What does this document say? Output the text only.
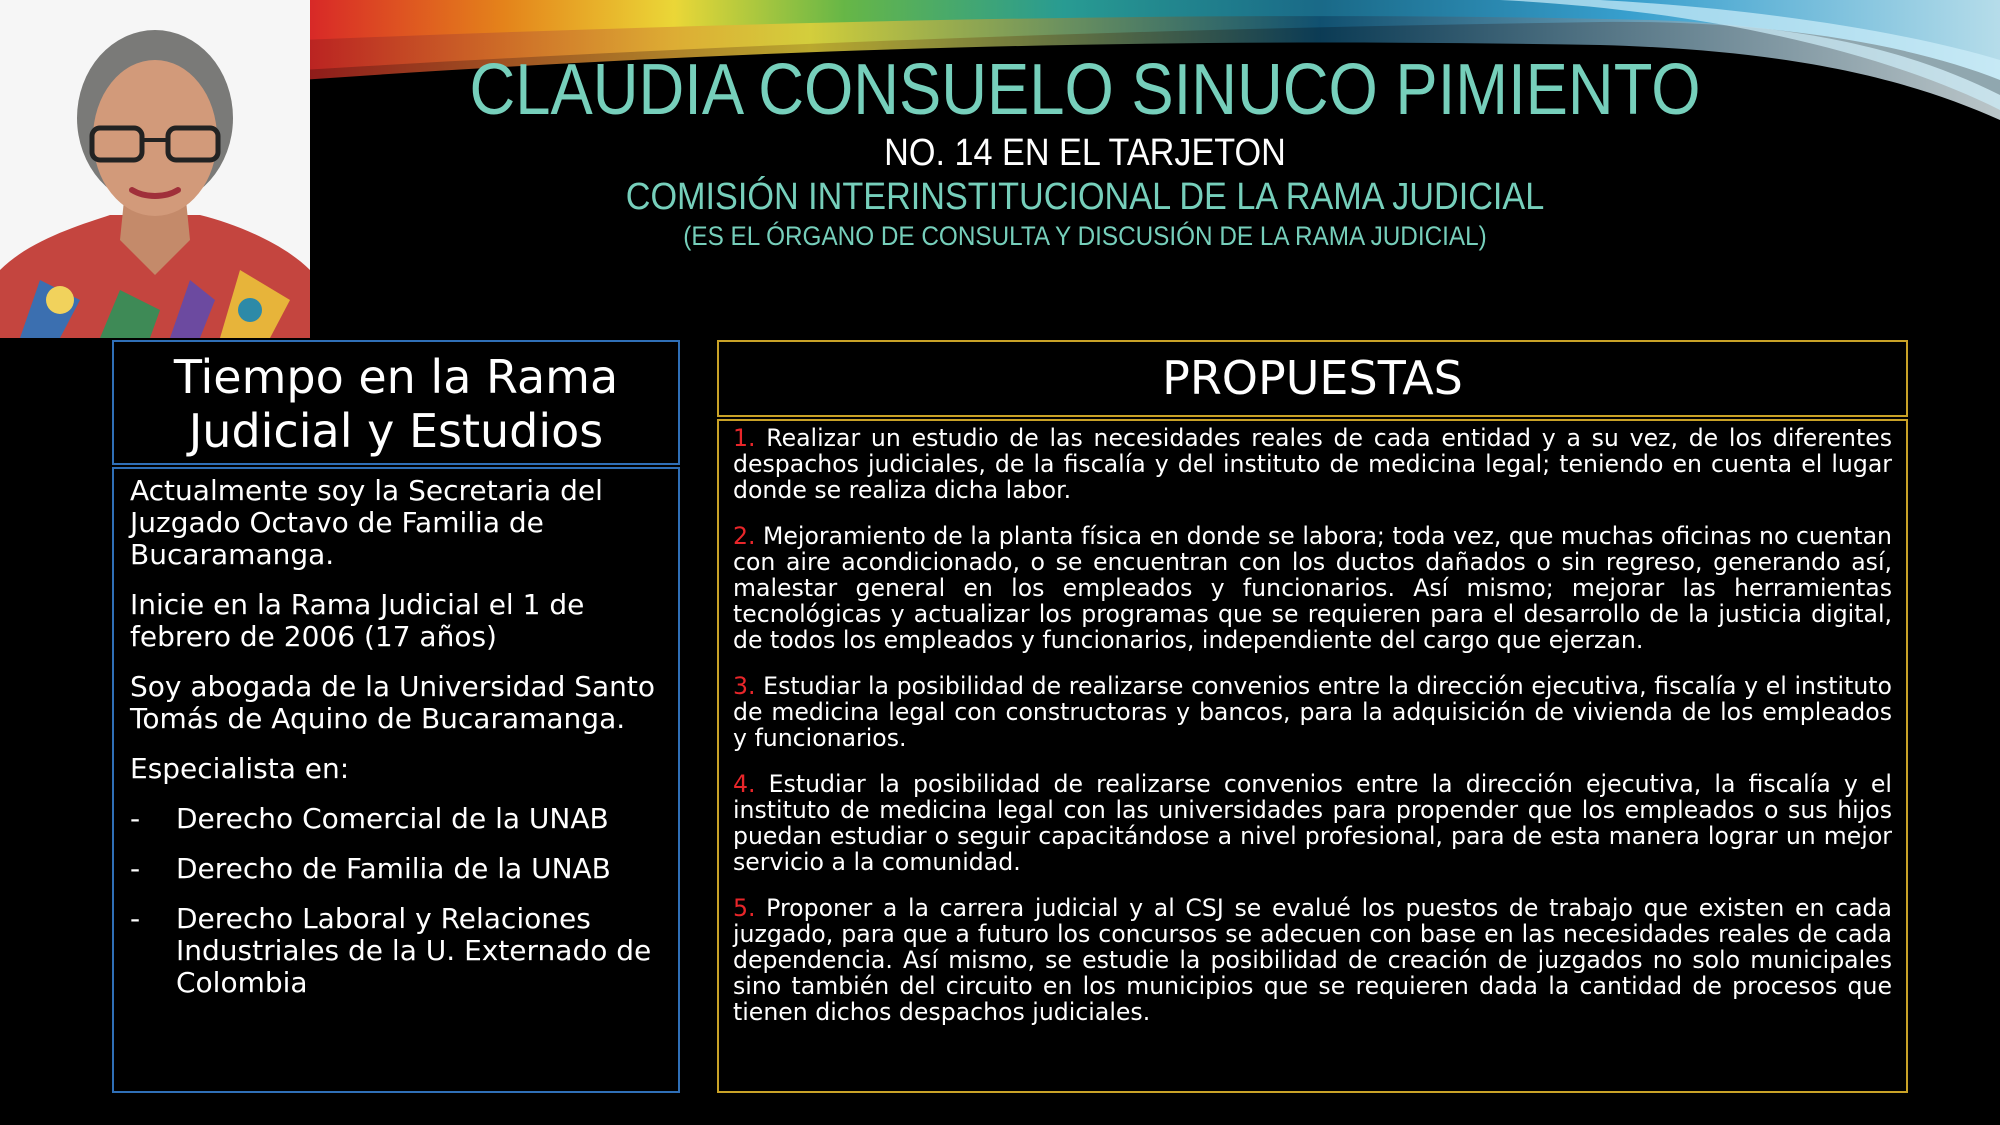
CLAUDIA CONSUELO SINUCO PIMIENTO
NO. 14 EN EL TARJETON
COMISIÓN INTERINSTITUCIONAL DE LA RAMA JUDICIAL
(ES EL ÓRGANO DE CONSULTA Y DISCUSIÓN DE LA RAMA JUDICIAL)
Tiempo en la Rama
Judicial y Estudios

Actualmente soy la Secretaria del Juzgado Octavo de Familia de Bucaramanga.

Inicie en la Rama Judicial el 1 de febrero de 2006 (17 años)

Soy abogada de la Universidad Santo Tomás de Aquino de Bucaramanga.

Especialista en:

-	Derecho Comercial de la UNAB
-	Derecho de Familia de la UNAB
-	Derecho Laboral y Relaciones Industriales de la U. Externado de Colombia
PROPUESTAS
1. Realizar un estudio de las necesidades reales de cada entidad y a su vez, de los diferentes despachos judiciales, de la fiscalía y del instituto de medicina legal; teniendo en cuenta el lugar donde se realiza dicha labor.
2. Mejoramiento de la planta física en donde se labora; toda vez, que muchas oficinas no cuentan con aire acondicionado, o se encuentran con los ductos dañados o sin regreso, generando así, malestar general en los empleados y funcionarios. Así mismo; mejorar las herramientas tecnológicas y actualizar los programas que se requieren para el desarrollo de la justicia digital, de todos los empleados y funcionarios, independiente del cargo que ejerzan.
3. Estudiar la posibilidad de realizarse convenios entre la dirección ejecutiva, fiscalía y el instituto de medicina legal con constructoras y bancos, para la adquisición de vivienda de los empleados y funcionarios.
4. Estudiar la posibilidad de realizarse convenios entre la dirección ejecutiva, la fiscalía y el instituto de medicina legal con las universidades para propender que los empleados o sus hijos puedan estudiar o seguir capacitándose a nivel profesional, para de esta manera lograr un mejor servicio a la comunidad.
5. Proponer a la carrera judicial y al CSJ se evalué los puestos de trabajo que existen en cada juzgado, para que a futuro los concursos se adecuen con base en las necesidades reales de cada dependencia. Así mismo, se estudie la posibilidad de creación de juzgados no solo municipales sino también del circuito en los municipios que se requieren dada la cantidad de procesos que tienen dichos despachos judiciales.
